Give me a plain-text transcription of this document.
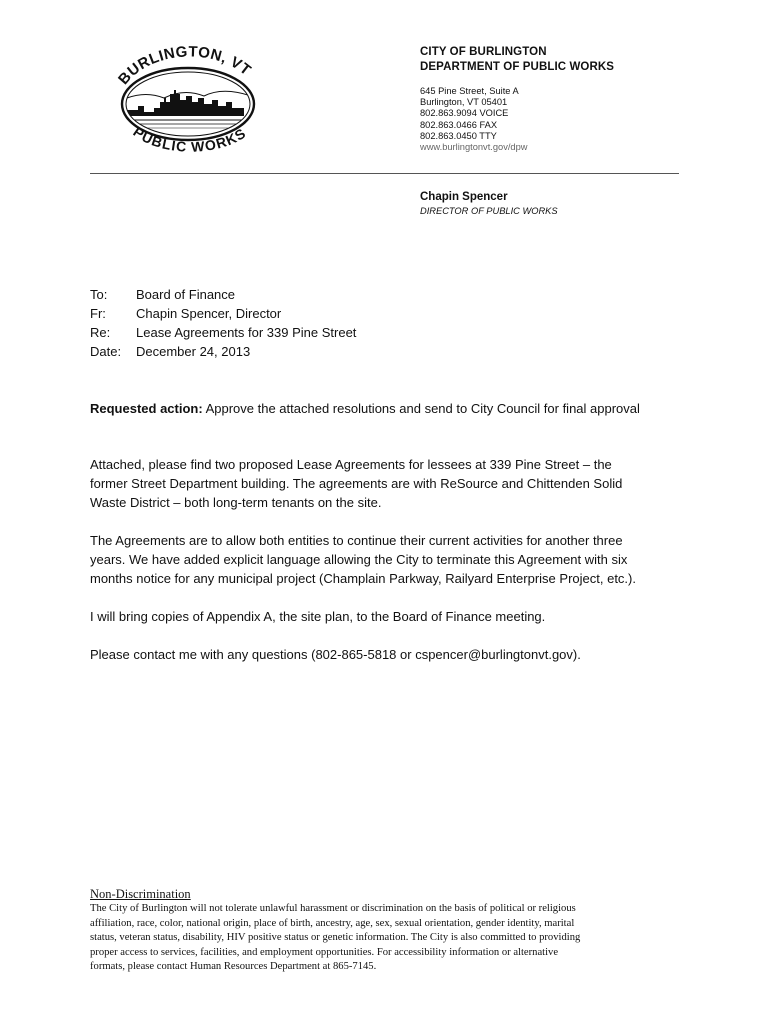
BURLINGTON, VT
PUBLIC WORKS
CITY OF BURLINGTON
DEPARTMENT OF PUBLIC WORKS
645 Pine Street, Suite A
Burlington, VT 05401
802.863.9094 VOICE
802.863.0466 FAX
802.863.0450 TTY
www.burlingtonvt.gov/dpw
Chapin Spencer
DIRECTOR OF PUBLIC WORKS
To:	Board of Finance
Fr:	Chapin Spencer, Director
Re:	Lease Agreements for 339 Pine Street
Date:	December 24, 2013
Requested action: Approve the attached resolutions and send to City Council for final approval
Attached, please find two proposed Lease Agreements for lessees at 339 Pine Street – the
former Street Department building. The agreements are with ReSource and Chittenden Solid
Waste District – both long-term tenants on the site.
The Agreements are to allow both entities to continue their current activities for another three
years. We have added explicit language allowing the City to terminate this Agreement with six
months notice for any municipal project (Champlain Parkway, Railyard Enterprise Project, etc.).
I will bring copies of Appendix A, the site plan, to the Board of Finance meeting.
Please contact me with any questions (802-865-5818 or cspencer@burlingtonvt.gov).
Non-Discrimination
The City of Burlington will not tolerate unlawful harassment or discrimination on the basis of political or religious
affiliation, race, color, national origin, place of birth, ancestry, age, sex, sexual orientation, gender identity, marital
status, veteran status, disability, HIV positive status or genetic information. The City is also committed to providing
proper access to services, facilities, and employment opportunities. For accessibility information or alternative
formats, please contact Human Resources Department at 865-7145.
